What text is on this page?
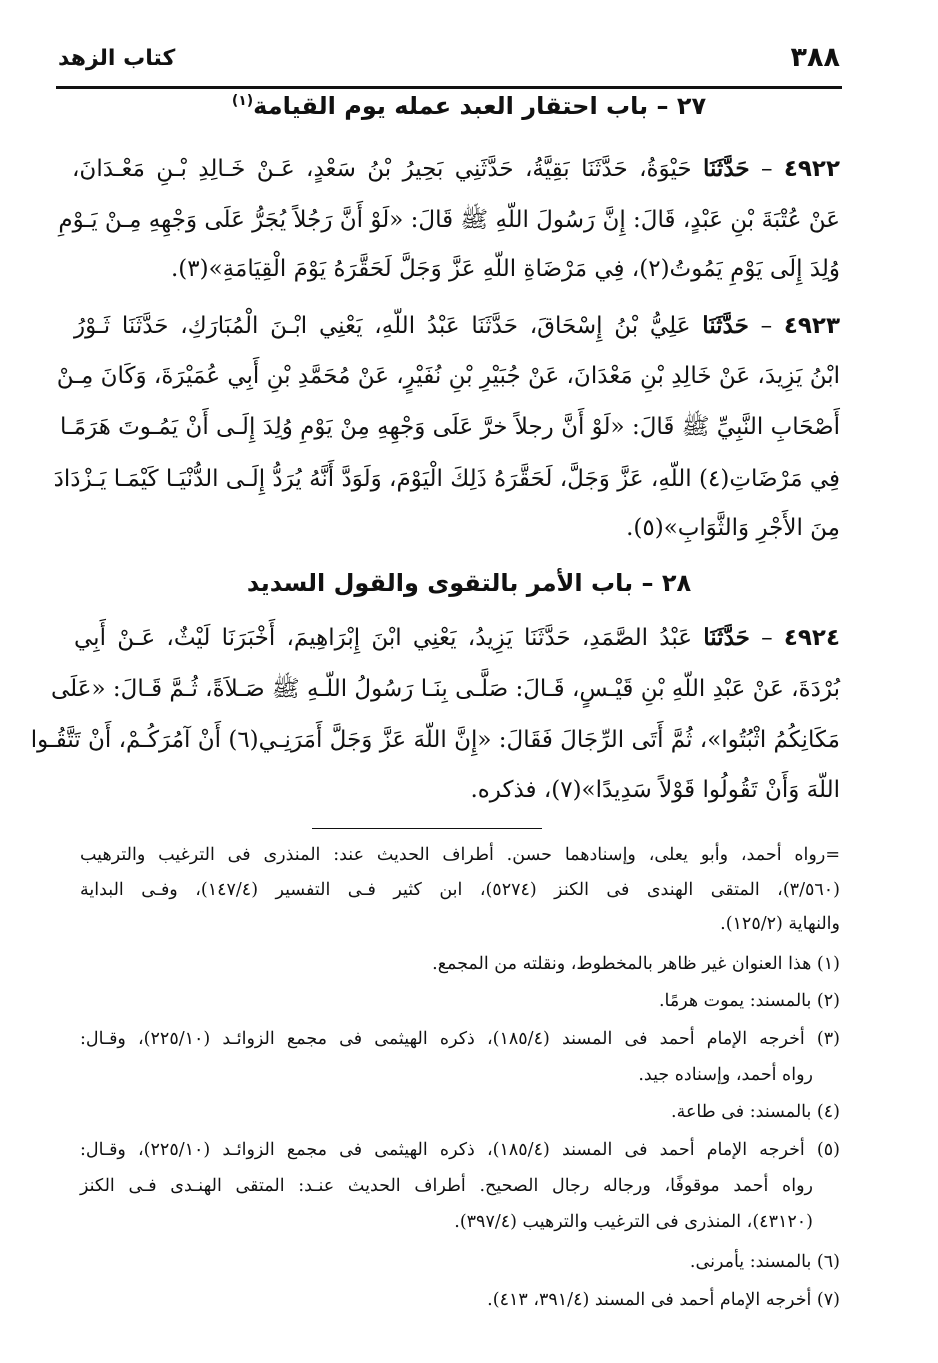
٣٨٨
كتاب الزهد
٢٧ – باب احتقار العبد عمله يوم القيامة$^{(١)}$
٤٩٢٢ – حَدَّثَنَا حَيْوَةُ، حَدَّثَنَا بَقِيَّةُ، حَدَّثَنِي بَحِيرُ بْنُ سَعْدٍ، عَـنْ خَـالِدِ بْـنِ مَعْـدَانَ،
عَنْ عُتْبَةَ بْنِ عَبْدٍ، قَالَ: إِنَّ رَسُولَ اللّهِ ﷺ قَالَ: «لَوْ أَنَّ رَجُلاً يُجَرُّ عَلَى وَجْهِهِ مِـنْ يَـوْمِ
وُلِدَ إِلَى يَوْمِ يَمُوتُ(٢)، فِي مَرْضَاةِ اللّهِ عَزَّ وَجَلَّ لَحَقَّرَهُ يَوْمَ الْقِيَامَةِ»(٣).
٤٩٢٣ – حَدَّثَنَا عَلِيُّ بْنُ إِسْحَاقَ، حَدَّثَنَا عَبْدُ اللّهِ، يَعْنِي ابْـنَ الْمُبَارَكِ، حَدَّثَنَا ثَـوْرُ
ابْنُ يَزِيدَ، عَنْ خَالِدِ بْنِ مَعْدَانَ، عَنْ جُبَيْرِ بْنِ نُفَيْرٍ، عَنْ مُحَمَّدِ بْنِ أَبِي عُمَيْرَةَ، وَكَانَ مِـنْ
أَصْحَابِ النَّبِيِّ ﷺ قَالَ: «لَوْ أَنَّ رجلاً خرَّ عَلَى وَجْهِهِ مِنْ يَوْمِ وُلِدَ إِلَـى أَنْ يَمُـوتَ هَرَمًـا
فِي مَرْضَاتِ(٤) اللّهِ، عَزَّ وَجَلَّ، لَحَقَّرَهُ ذَلِكَ الْيَوْمَ، وَلَوَدَّ أَنَّهُ يُرَدُّ إِلَـى الدُّنْيَـا كَيْمَـا يَـزْدَادَ
مِنَ الأَجْرِ وَالثَّوَابِ»(٥).
٢٨ – باب الأمر بالتقوى والقول السديد
٤٩٢٤ – حَدَّثَنَا عَبْدُ الصَّمَدِ، حَدَّثَنَا يَزِيدُ، يَعْنِي ابْنَ إِبْرَاهِيمَ، أَخْبَرَنَا لَيْثٌ، عَـنْ أَبِي
بُرْدَةَ، عَنْ عَبْدِ اللّهِ بْنِ قَيْـسٍ، قَـالَ: صَلَّـى بِنَـا رَسُولُ اللّـهِ ﷺ صَـلاَةً، ثُـمَّ قَـالَ: «عَلَى
مَكَانِكُمُ اثْبُتُوا»، ثُمَّ أَتَى الرِّجَالَ فَقَالَ: «إِنَّ اللّهَ عَزَّ وَجَلَّ أَمَرَنِـي(٦) أَنْ آمُرَكُـمْ، أَنْ تَتَّقُـوا
اللّهَ وَأَنْ تَقُولُوا قَوْلاً سَدِيدًا»(٧)، فذكره.
=رواه أحمد، وأبو يعلى، وإسنادهما حسن. أطراف الحديث عند: المنذرى فى الترغيب والترهيب
(٣/٥٦٠)، المتقى الهندى فى الكنز (٥٢٧٤)، ابن كثير فـى التفسير (١٤٧/٤)، وفـى البداية
والنهاية (١٢٥/٢).
(١) هذا العنوان غير ظاهر بالمخطوط، ونقلته من المجمع.
(٢) بالمسند: يموت هرمًا.
(٣) أخرجه الإمام أحمد فى المسند (١٨٥/٤)، ذكره الهيثمى فى مجمع الزوائـد (٢٢٥/١٠)، وقـال:
رواه أحمد، وإسناده جيد.
(٤) بالمسند: فى طاعة.
(٥) أخرجه الإمام أحمد فى المسند (١٨٥/٤)، ذكره الهيثمى فى مجمع الزوائـد (٢٢٥/١٠)، وقـال:
رواه أحمد موقوفًا، ورجاله رجال الصحيح. أطراف الحديث عنـد: المتقى الهنـدى فـى الكنز
(٤٣١٢٠)، المنذرى فى الترغيب والترهيب (٣٩٧/٤).
(٦) بالمسند: يأمرنى.
(٧) أخرجه الإمام أحمد فى المسند (٣٩١/٤، ٤١٣).
